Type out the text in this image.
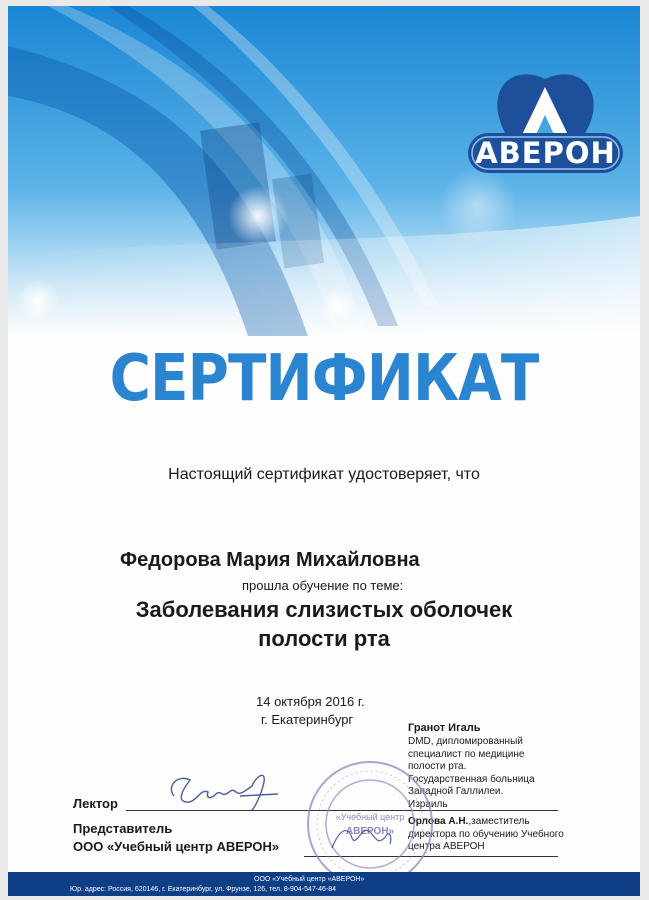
АВЕРОН
СЕРТИФИКАТ
Настоящий сертификат удостоверяет, что
Федорова Мария Михайловна
прошла обучение по теме:
Заболевания слизистых оболочек
полости рта
14 октября 2016 г.
г. Екатеринбург
Гранот Игаль
DMD, дипломированный
специалист по медицине
полости рта.
Государственная больница
Западной Галлилеи.
Израиль
Лектор
Представитель
ООО «Учебный центр АВЕРОН»
Орлова А.Н.,заместитель
директора по обучению Учебного
центра АВЕРОН
«Учебный центр
АВЕРОН»
ООО «Учебный центр «АВЕРОН»
Юр. адрес: Россия, 620146, г. Екатеринбург, ул. Фрунзе, 126, тел. 8-904-547-46-84
